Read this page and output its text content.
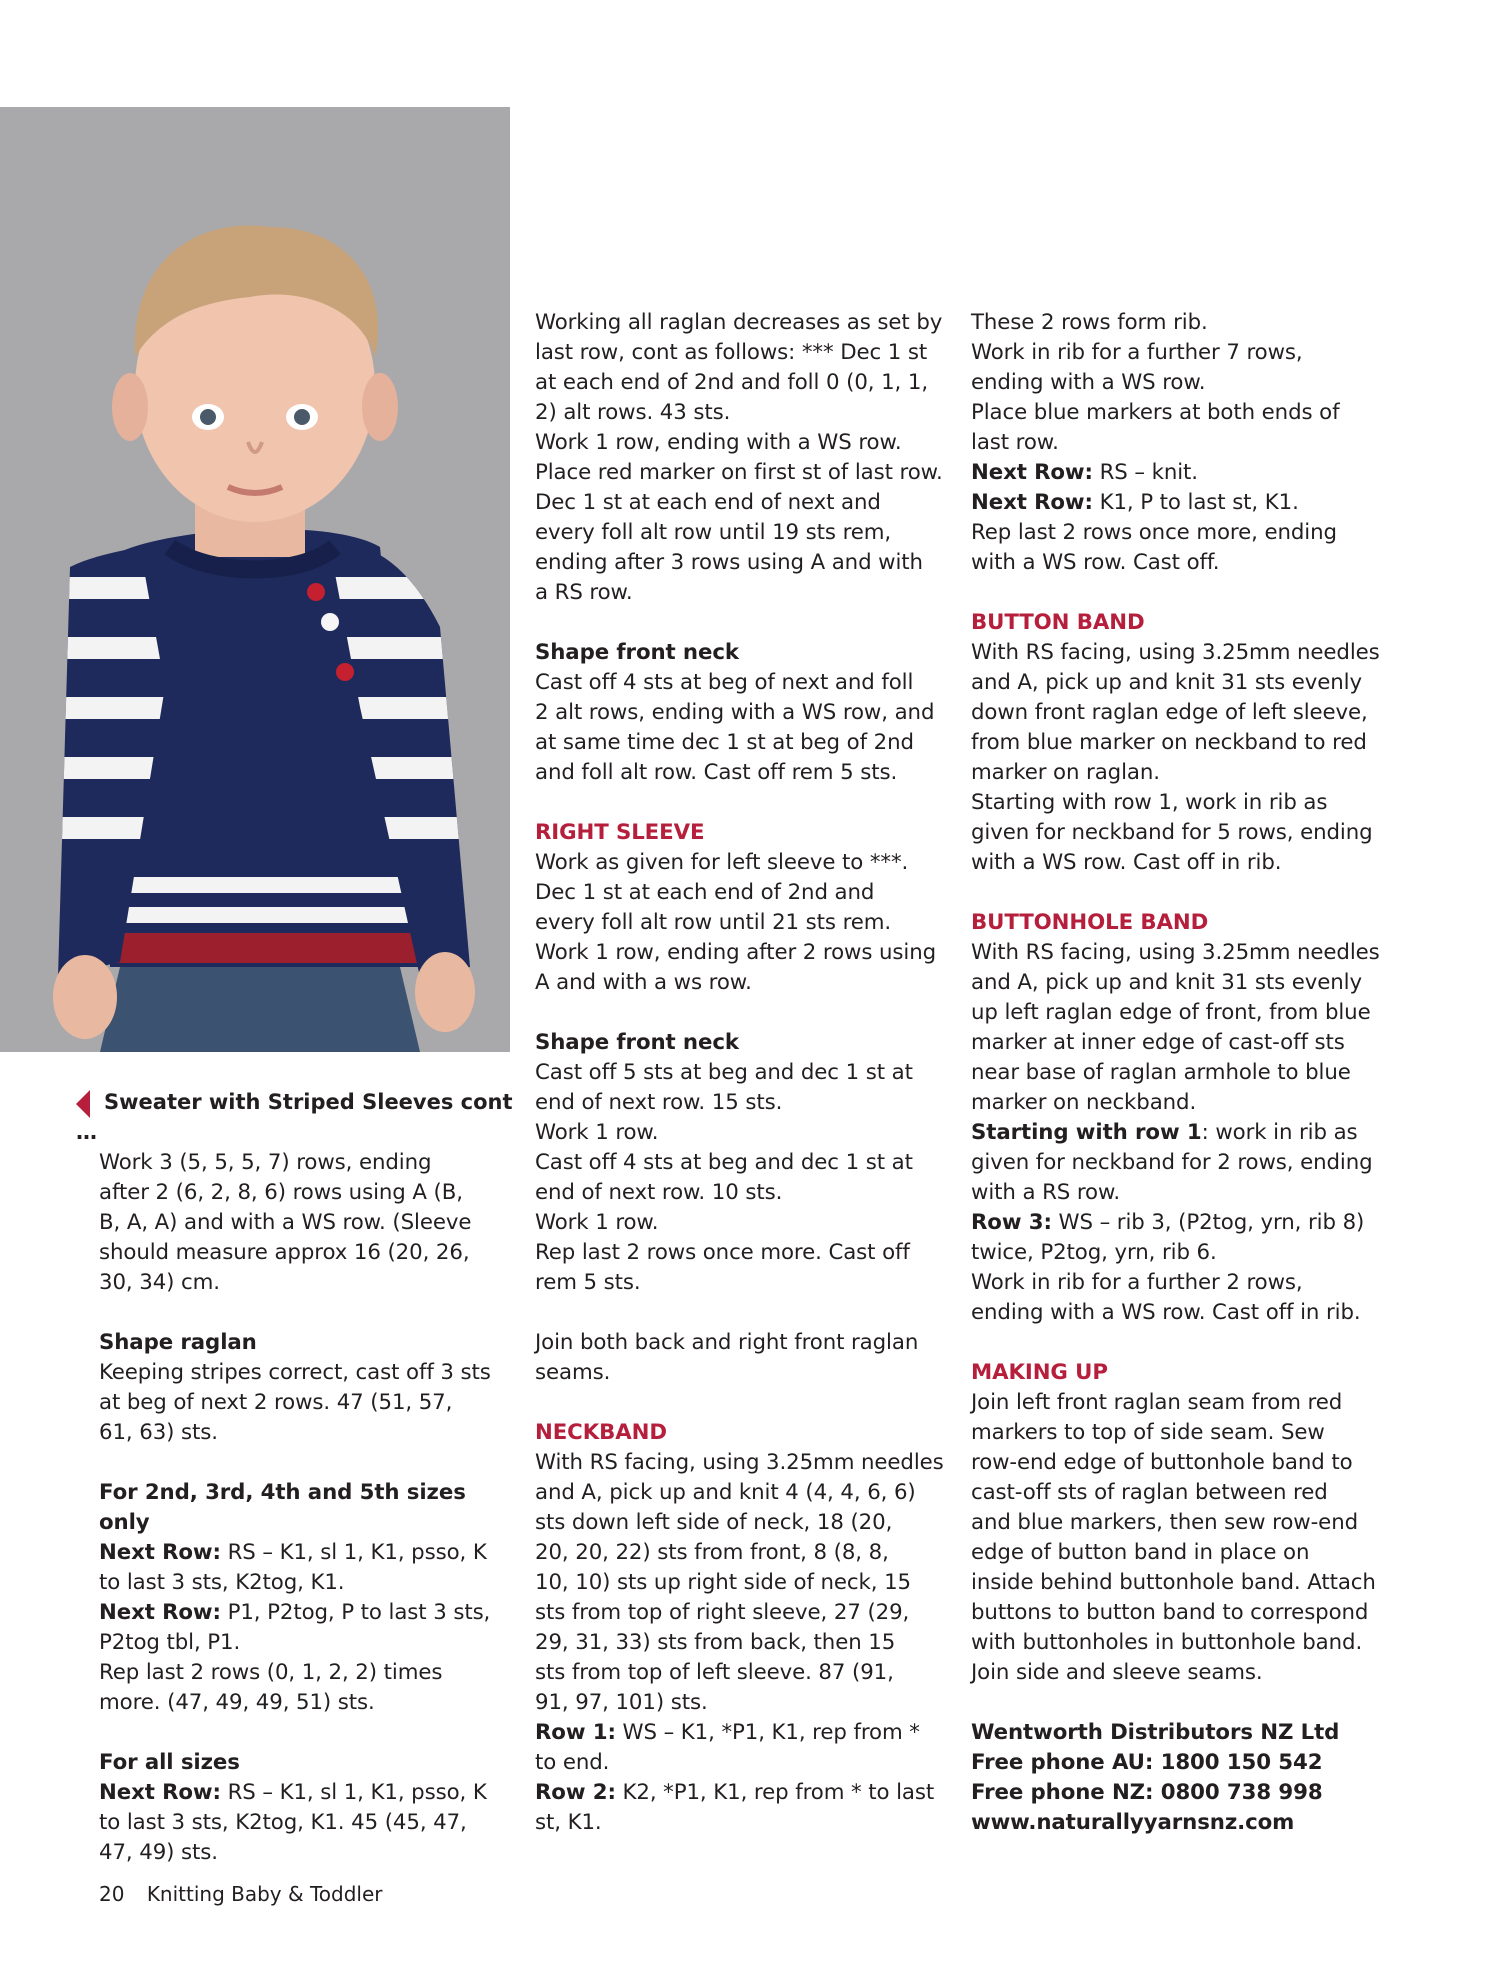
Sweater with Striped Sleeves cont …
Work 3 (5, 5, 5, 7) rows, ending
after 2 (6, 2, 8, 6) rows using A (B,
B, A, A) and with a WS row. (Sleeve
should measure approx 16 (20, 26,
30, 34) cm.
Shape raglan
Keeping stripes correct, cast off 3 sts
at beg of next 2 rows. 47 (51, 57,
61, 63) sts.
For 2nd, 3rd, 4th and 5th sizes only
Next Row: RS – K1, sl 1, K1, psso, K
to last 3 sts, K2tog, K1.
Next Row: P1, P2tog, P to last 3 sts,
P2tog tbl, P1.
Rep last 2 rows (0, 1, 2, 2) times
more. (47, 49, 49, 51) sts.
For all sizes
Next Row: RS – K1, sl 1, K1, psso, K
to last 3 sts, K2tog, K1. 45 (45, 47,
47, 49) sts.
Working all raglan decreases as set by
last row, cont as follows: *** Dec 1 st
at each end of 2nd and foll 0 (0, 1, 1,
2) alt rows. 43 sts.
Work 1 row, ending with a WS row.
Place red marker on first st of last row.
Dec 1 st at each end of next and
every foll alt row until 19 sts rem,
ending after 3 rows using A and with
a RS row.
Shape front neck
Cast off 4 sts at beg of next and foll
2 alt rows, ending with a WS row, and
at same time dec 1 st at beg of 2nd
and foll alt row. Cast off rem 5 sts.
RIGHT SLEEVE
Work as given for left sleeve to ***.
Dec 1 st at each end of 2nd and
every foll alt row until 21 sts rem.
Work 1 row, ending after 2 rows using
A and with a ws row.
Shape front neck
Cast off 5 sts at beg and dec 1 st at
end of next row. 15 sts.
Work 1 row.
Cast off 4 sts at beg and dec 1 st at
end of next row. 10 sts.
Work 1 row.
Rep last 2 rows once more. Cast off
rem 5 sts.
Join both back and right front raglan
seams.
NECKBAND
With RS facing, using 3.25mm needles
and A, pick up and knit 4 (4, 4, 6, 6)
sts down left side of neck, 18 (20,
20, 20, 22) sts from front, 8 (8, 8,
10, 10) sts up right side of neck, 15
sts from top of right sleeve, 27 (29,
29, 31, 33) sts from back, then 15
sts from top of left sleeve. 87 (91,
91, 97, 101) sts.
Row 1: WS – K1, *P1, K1, rep from *
to end.
Row 2: K2, *P1, K1, rep from * to last
st, K1.
These 2 rows form rib.
Work in rib for a further 7 rows,
ending with a WS row.
Place blue markers at both ends of
last row.
Next Row: RS – knit.
Next Row: K1, P to last st, K1.
Rep last 2 rows once more, ending
with a WS row. Cast off.
BUTTON BAND
With RS facing, using 3.25mm needles
and A, pick up and knit 31 sts evenly
down front raglan edge of left sleeve,
from blue marker on neckband to red
marker on raglan.
Starting with row 1, work in rib as
given for neckband for 5 rows, ending
with a WS row. Cast off in rib.
BUTTONHOLE BAND
With RS facing, using 3.25mm needles
and A, pick up and knit 31 sts evenly
up left raglan edge of front, from blue
marker at inner edge of cast-off sts
near base of raglan armhole to blue
marker on neckband.
Starting with row 1: work in rib as
given for neckband for 2 rows, ending
with a RS row.
Row 3: WS – rib 3, (P2tog, yrn, rib 8)
twice, P2tog, yrn, rib 6.
Work in rib for a further 2 rows,
ending with a WS row. Cast off in rib.
MAKING UP
Join left front raglan seam from red
markers to top of side seam. Sew
row-end edge of buttonhole band to
cast-off sts of raglan between red
and blue markers, then sew row-end
edge of button band in place on
inside behind buttonhole band. Attach
buttons to button band to correspond
with buttonholes in buttonhole band.
Join side and sleeve seams.
Wentworth Distributors NZ Ltd
Free phone AU: 1800 150 542
Free phone NZ: 0800 738 998
www.naturallyyarnsnz.com
20 Knitting Baby & Toddler
